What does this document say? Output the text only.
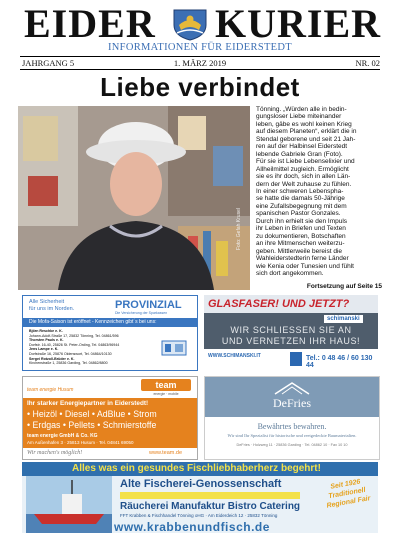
EIDER KURIER
INFORMATIONEN FÜR EIDERSTEDT
JAHRGANG 5	1. MÄRZ 2019	NR. 02
Liebe verbindet
Foto: Gefah Krusel
Tönning. „Würden alle in bedin-
gungsloser Liebe miteinander
leben, gäbe es wohl keinen Krieg
auf diesem Planeten“, erklärt die in
Stendal geborene und seit 21 Jah-
ren auf der Halbinsel Eiderstedt
lebende Gabriele Gran (Foto).
Für sie ist Liebe Lebenselixier und
Allheilmittel zugleich. Ermöglicht
sie es ihr doch, sich in allen Län-
dern der Welt zuhause zu fühlen.
In einer schweren Lebenspha-
se hatte die damals 50-Jährige
eine Zufallsbegegnung mit dem
spanischen Pastor Gonzales.
Durch ihn erhielt sie den Impuls
ihr Leben in Briefen und Texten
zu dokumentieren, Botschaften
an ihre Mitmenschen weiterzu-
geben. Mittlerweile bereist die
Wahleiderstedterin ferne Länder
wie Kenia oder Tunesien und fühlt
sich dort angekommen.
Fortsetzung auf Seite 15
Alle Sicherheit
für uns im Norden.	PROVINZIAL
Die Versicherung der Sparkassen
Die Mofa-Saison ist eröffnet - Kennzeichen gibt´s bei uns:
Björn Reschke e. K.
Johann-Adolf-Straße 17, 25832 Tönning, Tel. 04861/596
Thorsten Pauls e. K.
Dorfstr. 16-40, 25826 St. Peter-Ording, Tel. 04863/96944
Jens Lampe e. K.
Dorfstraße 16, 25876 Oldenswort, Tel. 04864/10130
Sergei Rotzoll-Brüder e. K.
Kirchenstraße 1, 25836 Garding, Tel. 04862/8800
GLASFASER! UND JETZT?
schimanski
WIR SCHLIESSEN SIE AN
UND VERNETZEN IHR HAUS!
WWW.SCHIMANSKI.IT	Tel.: 0 48 46 / 60 130 44
team energie Husum	team
energie · mobile
Ihr starker Energiepartner in Eiderstedt!
• Heizöl • Diesel • AdBlue • Strom
• Erdgas • Pellets • Schmierstoffe
team energie GmbH & Co. KG
Am Außenhafen 3 · 25813 Husum · Tel. 04841 69050
Wir machen's möglich!	www.team.de
DeFries
Bewährtes bewahren.
Wir sind Ihr Spezialist für historische und reetgedeckte Baumaterialien.
DeFries · Holzweg 11 · 25836 Garding · Tel. 04862 10 · Fax 10 10
Alles was ein gesundes Fischliebhaberherz begehrt!
Alte Fischerei-Genossenschaft
Räucherei Manufaktur Bistro Catering
FFT Krabben & Fischhandel Tönning oHG · Am Eiderdeich 12 · 25832 Tönning
www.krabbenundfisch.de
Seit 1926 Traditionell Regional Fair
